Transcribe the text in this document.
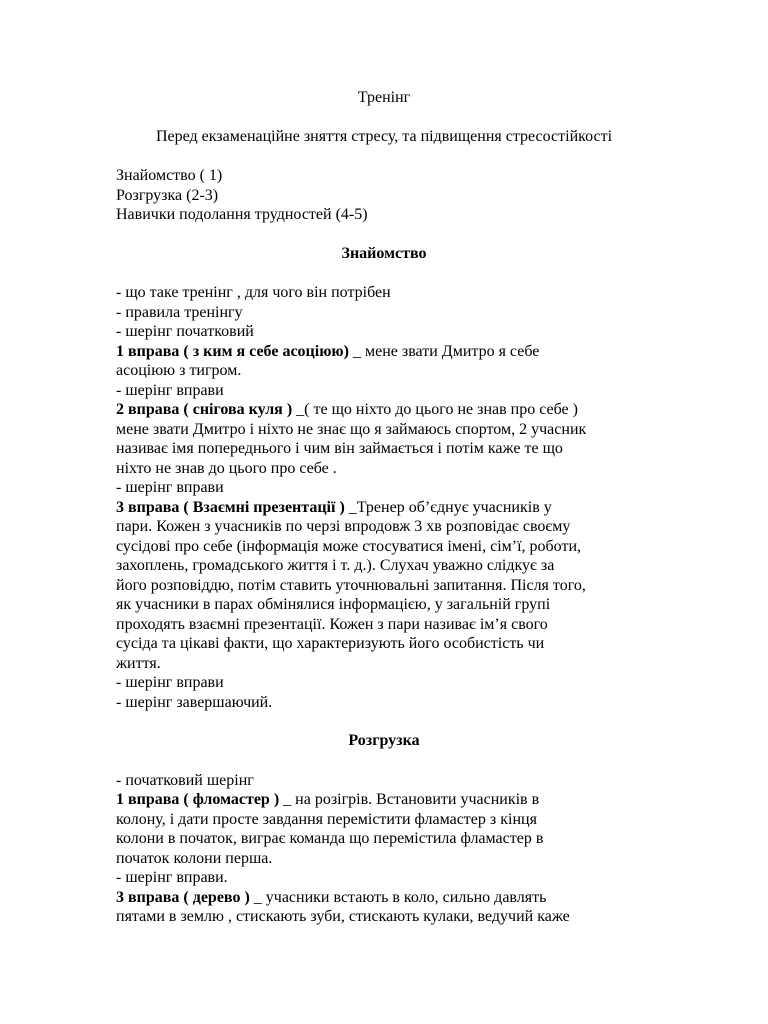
Тренінг
Перед екзаменаційне зняття стресу, та підвищення стресостійкості
Знайомство ( 1)
Розгрузка (2-3)
Навички подолання трудностей (4-5)
Знайомство
- що таке тренінг , для чого він потрібен
- правила тренінгу
- шерінг початковий
1 вправа ( з ким я себе асоціюю) _ мене звати Дмитро я себе
асоціюю з тигром.
- шерінг вправи
2 вправа ( снігова куля ) _( те що ніхто до цього не знав про себе )
мене звати Дмитро і ніхто не знає що я займаюсь спортом, 2 учасник
називає імя попереднього і чим він займається і потім каже те що
ніхто не знав до цього про себе .
- шерінг вправи
3 вправа ( Взаємні презентації ) _Тренер об’єднує учасників у
пари. Кожен з учасників по черзі впродовж 3 хв розповідає своєму
сусідові про себе (інформація може стосуватися імені, сім’ї, роботи,
захоплень, громадського життя і т. д.). Слухач уважно слідкує за
його розповіддю, потім ставить уточнювальні запитання. Після того,
як учасники в парах обмінялися інформацією, у загальній групі
проходять взаємні презентації. Кожен з пари називає ім’я свого
сусіда та цікаві факти, що характеризують його особистість чи
життя.
- шерінг вправи
- шерінг завершаючий.
Розгрузка
- початковий шерінг
1 вправа ( фломастер ) _ на розігрів. Встановити учасників в
колону, і дати просте завдання перемістити фламастер з кінця
колони в початок, виграє команда що перемістила фламастер в
початок колони перша.
- шерінг вправи.
3 вправа ( дерево ) _ учасники встають в коло, сильно давлять
пятами в землю , стискають зуби, стискають кулаки, ведучий каже
